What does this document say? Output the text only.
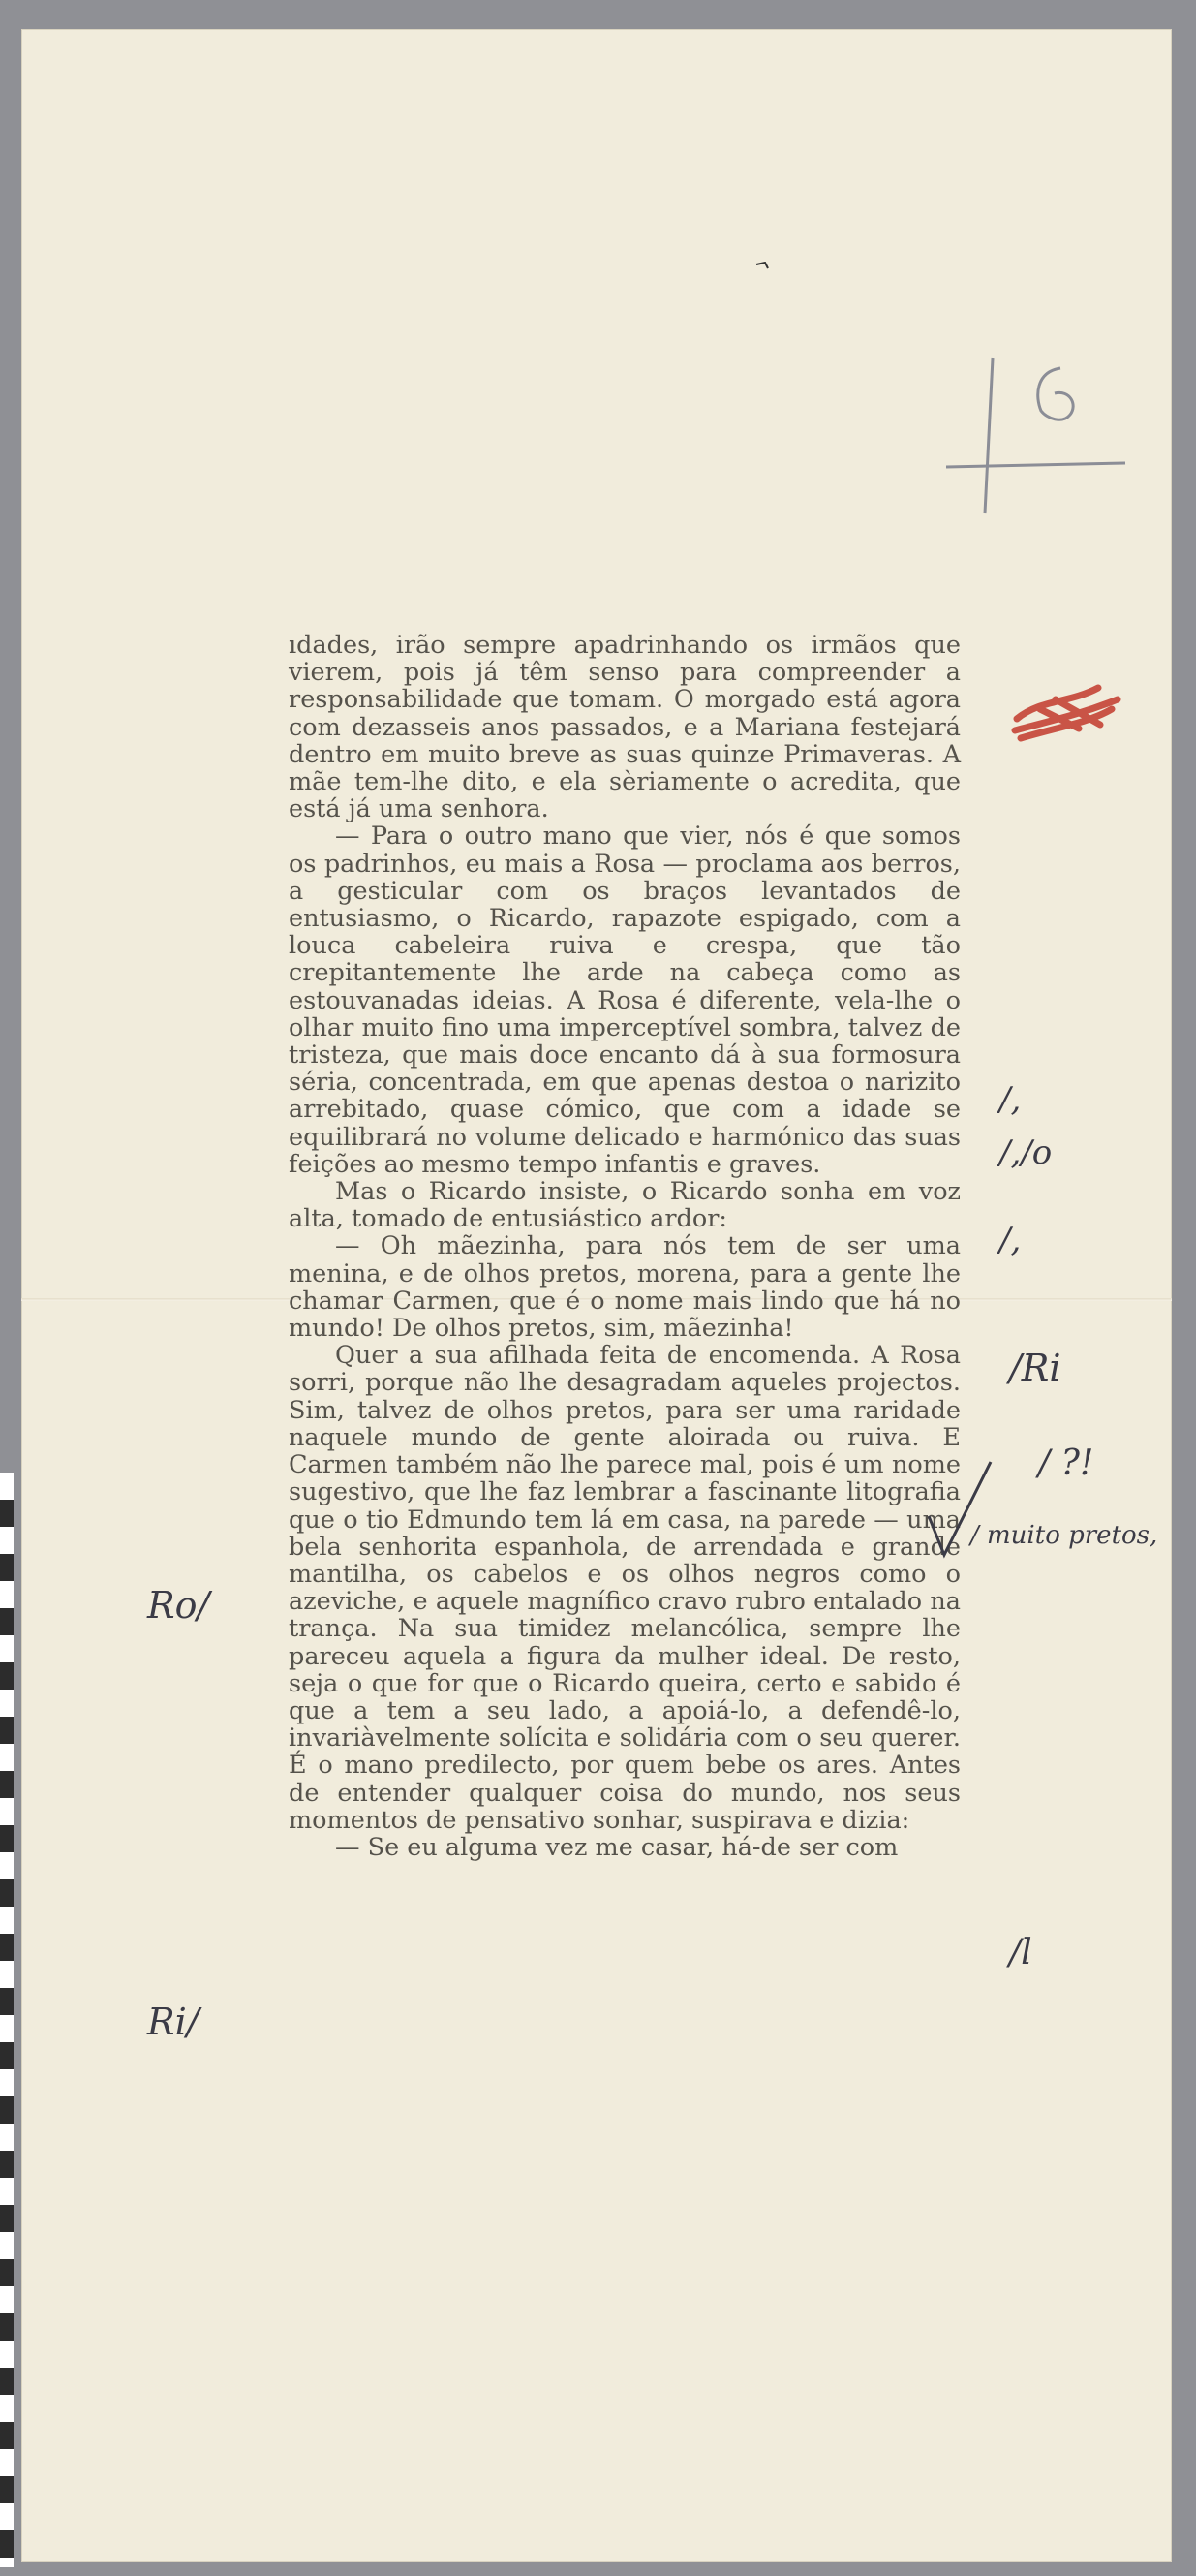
15

ıdades, irão sempre apadrinhando os irmãos que vierem, pois já têm senso para compreender a responsabilidade que tomam. O morgado está agora com dezasseis anos passados, e a Mariana festejará dentro em muito breve as suas quinze Primaveras. A mãe tem-lhe dito, e ela sèriamente o acredita, que está já uma senhora.

— Para o outro mano que vier, nós é que somos os padrinhos, eu mais a Rosa — proclama aos berros, a gesticular com os braços levantados de entusiasmo, o Ricardo, rapazote espigado, com a louca cabeleira ruiva e crespa, que tão crepitantemente lhe arde na cabeça como as estouvanadas ideias. A Rosa é diferente, vela-lhe o olhar muito fino uma imperceptível sombra, talvez de tristeza, que mais doce encanto dá à sua formosura séria, concentrada, em que apenas destoa o narizito arrebitado, quase cómico, que com a idade se equilibrará no volume delicado e harmónico das suas feições ao mesmo tempo infantis e graves.

Mas o Ricardo insiste, o Ricardo sonha em voz alta, tomado de entusiástico ardor:

— Oh mãezinha, para nós tem de ser uma menina, e de olhos pretos, morena, para a gente lhe chamar Carmen, que é o nome mais lindo que há no mundo! De olhos pretos, sim, mãezinha!

Quer a sua afilhada feita de encomenda. A Rosa sorri, porque não lhe desagradam aqueles projectos. Sim, talvez de olhos pretos, para ser uma raridade naquele mundo de gente aloirada ou ruiva. E Carmen também não lhe parece mal, pois é um nome sugestivo, que lhe faz lembrar a fascinante litografia que o tio Edmundo tem lá em casa, na parede — uma bela senhorita espanhola, de arrendada e grande mantilha, os cabelos e os olhos negros como o azeviche, e aquele magnífico cravo rubro entalado na trança. Na sua timidez melancólica, sempre lhe pareceu aquela a figura da mulher ideal. De resto, seja o que for que o Ricardo queira, certo e sabido é que a tem a seu lado, a apoiá-lo, a defendê-lo, invariàvelmente solícita e solidária com o seu querer. É o mano predilecto, por quem bebe os ares. Antes de entender qualquer coisa do mundo, nos seus momentos de pensativo sonhar, suspirava e dizia:

— Se eu alguma vez me casar, há-de ser com

/,
/,/o
/,
/Ri
/ ?!
/ muito pretos,
/l
Ro/
Ri/
